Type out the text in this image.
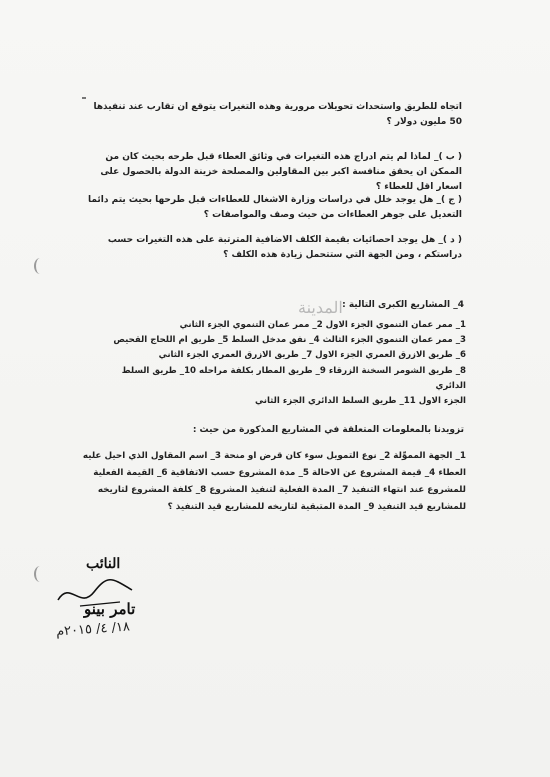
اتجاه للطريق واستحداث تحويلات مرورية وهذه التغيرات يتوقع ان تقارب عند تنفيذها 50 مليون دولار ؟
( ب )_ لماذا لم يتم ادراج هذه التغيرات في وثائق العطاء قبل طرحه بحيث كان من الممكن ان يحقق منافسة اكبر بين المقاولين والمصلحة خزينة الدولة بالحصول على اسعار اقل للعطاء ؟
( ج )_ هل يوجد خلل في دراسات وزارة الاشغال للعطاءات قبل طرحها بحيث يتم دائما التعديل على جوهر العطاءات من حيث وصف والمواصفات ؟
( د )_ هل يوجد احصائيات بقيمة الكلف الاضافية المترتبة على هذه التغيرات حسب دراستكم ، ومن الجهة التي ستتحمل زيادة هذه الكلف ؟
المدينة 4_ المشاريع الكبرى التالية :
1_ ممر عمان التنموي الجزء الاول 2_ ممر عمان التنموي الجزء الثاني
3_ ممر عمان التنموي الجزء الثالث 4_ نفق مدخل السلط 5_ طريق ام اللحاج القحيص
6_ طريق الازرق العمري الجزء الاول 7_ طريق الازرق العمري الجزء الثاني
8_ طريق الشومر السخنة الزرقاء 9_ طريق المطار بكلفة مراحله 10_ طريق السلط الدائري
الجزء الاول 11_ طريق السلط الدائري الجزء الثاني
تزويدنا بالمعلومات المتعلقة في المشاريع المذكورة من حيث :
1_ الجهة المموِّلة 2_ نوع التمويل سوء كان قرض او منحة 3_ اسم المقاول الذي احيل عليه العطاء 4_ قيمة المشروع عن الاحالة 5_ مدة المشروع حسب الاتفاقية 6_ القيمة الفعلية للمشروع عند انتهاء التنفيذ 7_ المدة الفعلية لتنفيذ المشروع 8_ كلفة المشروع لتاريخه للمشاريع قيد التنفيذ 9_ المدة المتبقية لتاريخه للمشاريع قيد التنفيذ ؟
النائب
تامر بينو
١٨/ ٤/ ٢٠١٥م
